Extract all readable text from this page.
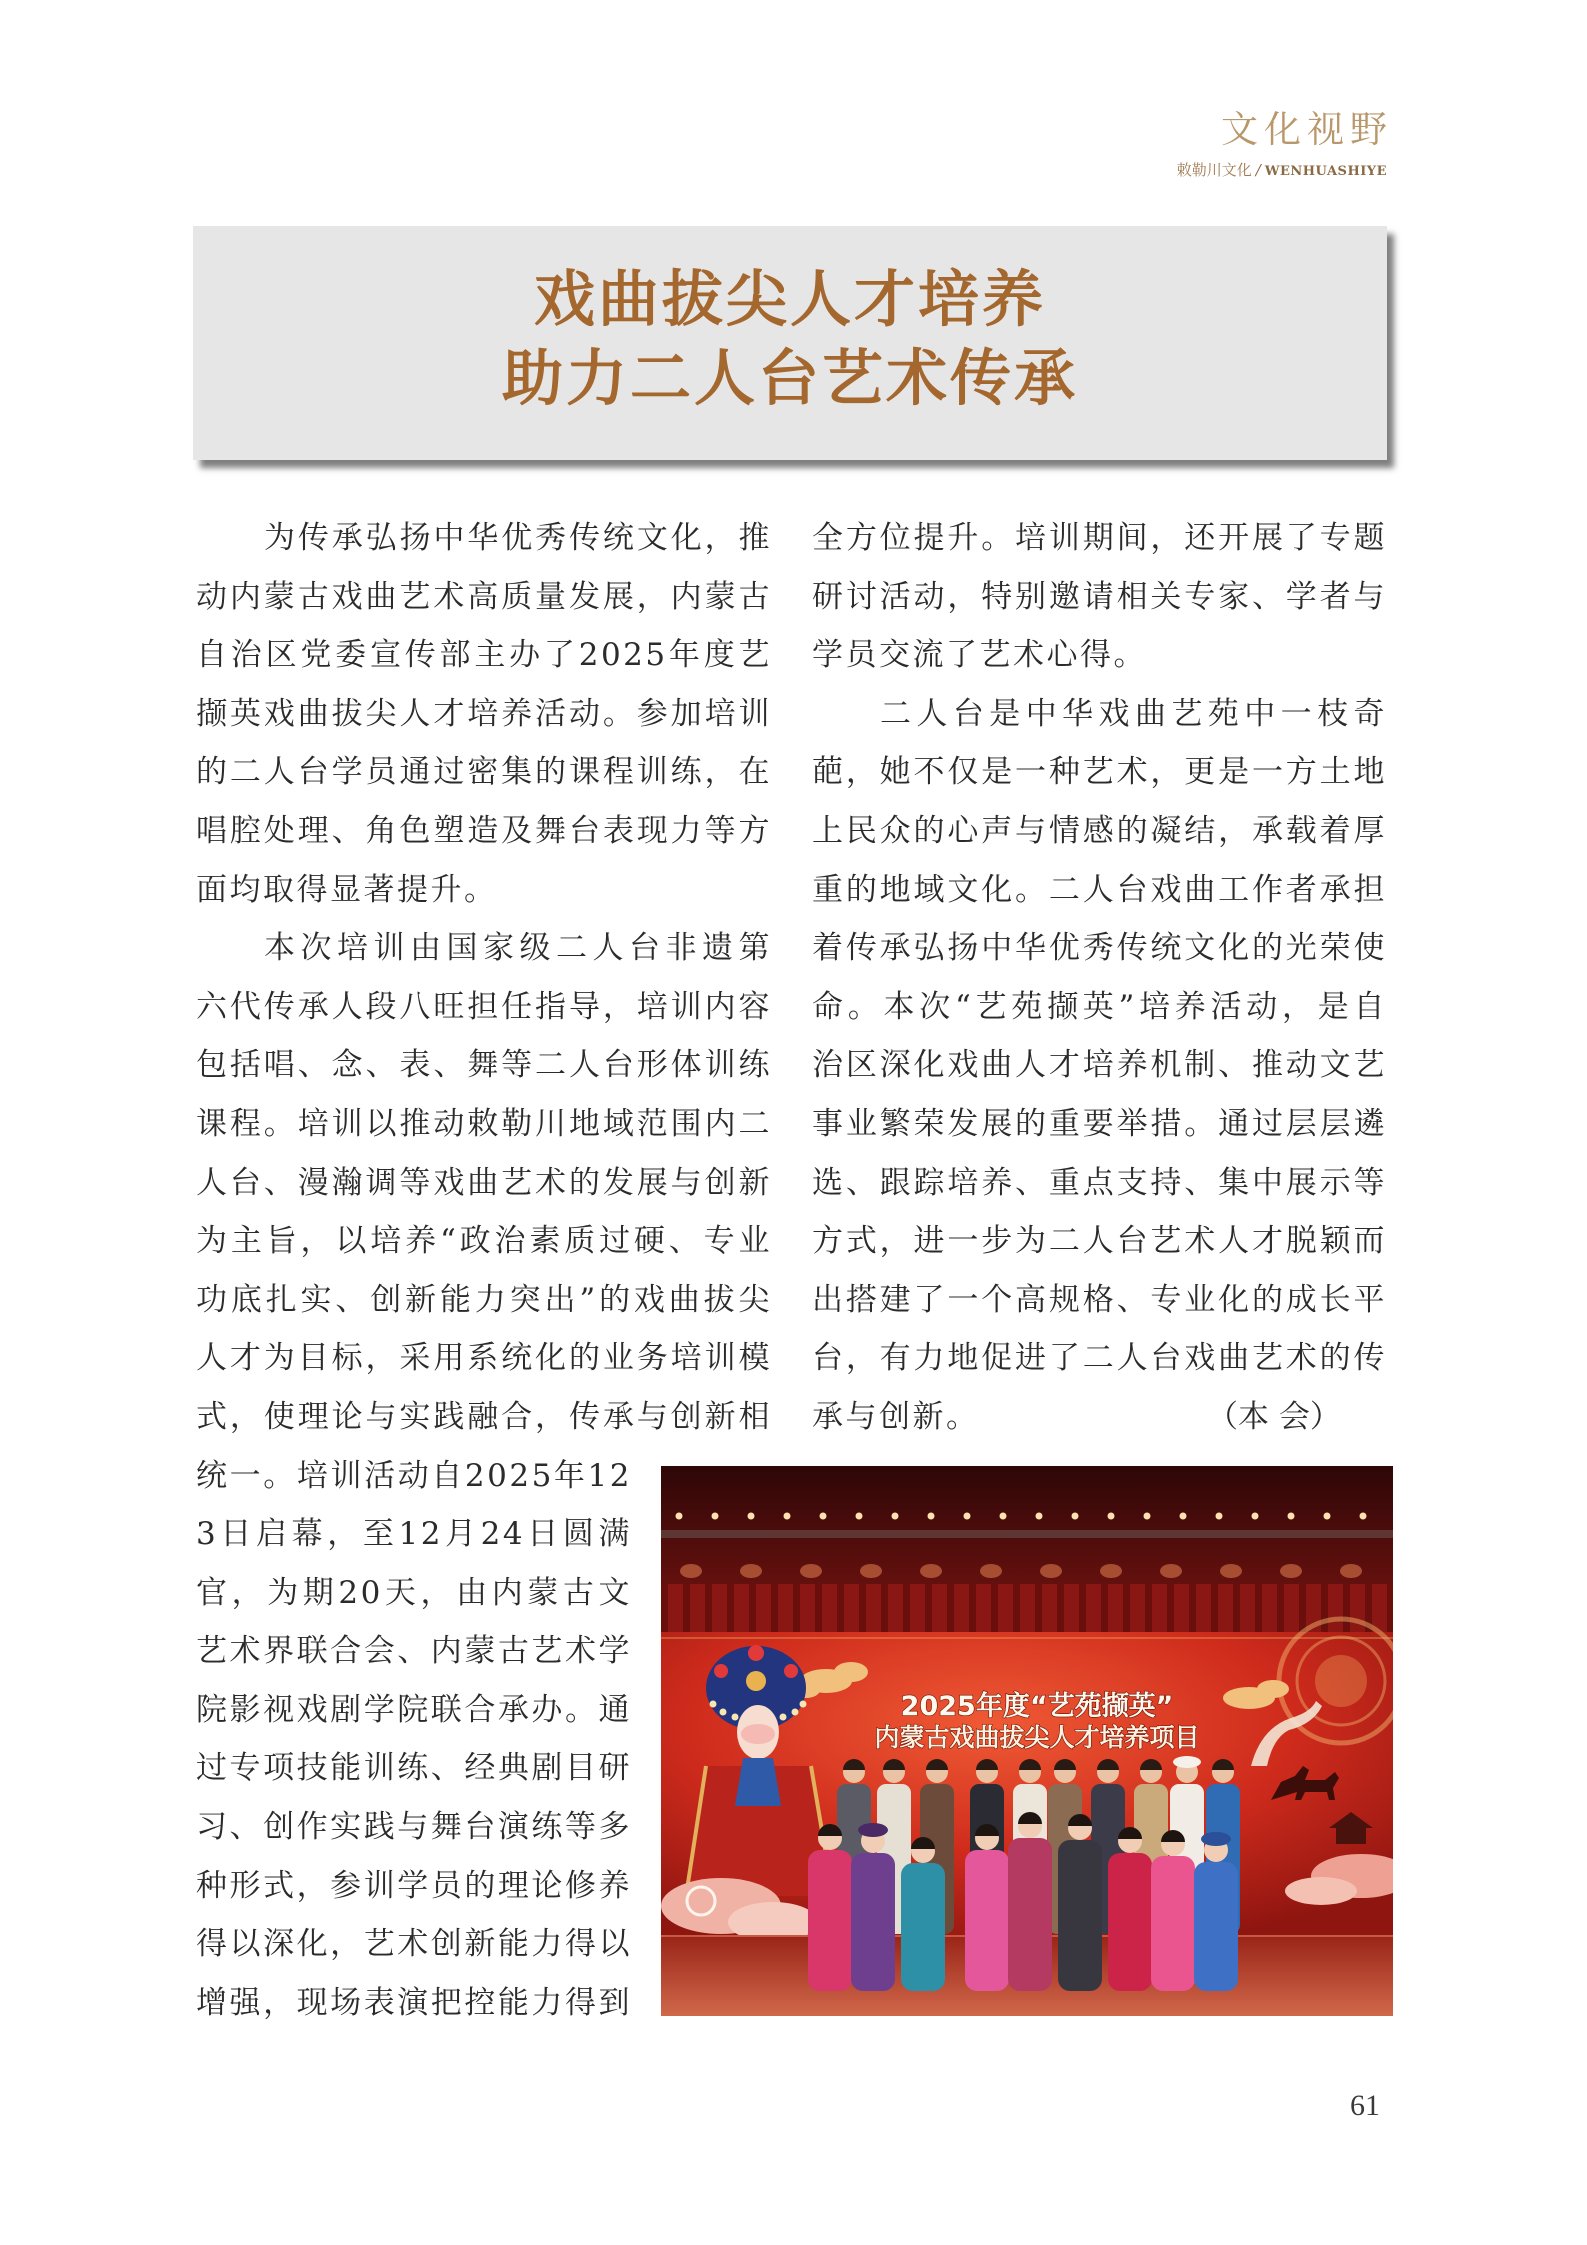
文化视野
敕勒川文化 / WENHUASHIYE
戏曲拔尖人才培养
助力二人台艺术传承
为传承弘扬中华优秀传统文化，推
动内蒙古戏曲艺术高质量发展，内蒙古
自治区党委宣传部主办了2025年度艺
撷英戏曲拔尖人才培养活动。参加培训
的二人台学员通过密集的课程训练，在
唱腔处理、角色塑造及舞台表现力等方
面均取得显著提升。
本次培训由国家级二人台非遗第
六代传承人段八旺担任指导，培训内容
包括唱、念、表、舞等二人台形体训练
课程。培训以推动敕勒川地域范围内二
人台、漫瀚调等戏曲艺术的发展与创新
为主旨，以培养“政治素质过硬、专业
功底扎实、创新能力突出”的戏曲拔尖
人才为目标，采用系统化的业务培训模
式，使理论与实践融合，传承与创新相
统一。培训活动自2025年12
3日启幕，至12月24日圆满
官，为期20天，由内蒙古文
艺术界联合会、内蒙古艺术学
院影视戏剧学院联合承办。通
过专项技能训练、经典剧目研
习、创作实践与舞台演练等多
种形式，参训学员的理论修养
得以深化，艺术创新能力得以
增强，现场表演把控能力得到
全方位提升。培训期间，还开展了专题
研讨活动，特别邀请相关专家、学者与
学员交流了艺术心得。
二人台是中华戏曲艺苑中一枝奇
葩，她不仅是一种艺术，更是一方土地
上民众的心声与情感的凝结，承载着厚
重的地域文化。二人台戏曲工作者承担
着传承弘扬中华优秀传统文化的光荣使
命。本次“艺苑撷英”培养活动，是自
治区深化戏曲人才培养机制、推动文艺
事业繁荣发展的重要举措。通过层层遴
选、跟踪培养、重点支持、集中展示等
方式，进一步为二人台艺术人才脱颖而
出搭建了一个高规格、专业化的成长平
台，有力地促进了二人台戏曲艺术的传
承与创新。	（本 会）
2025年度“艺苑撷英”
内蒙古戏曲拔尖人才培养项目
61
